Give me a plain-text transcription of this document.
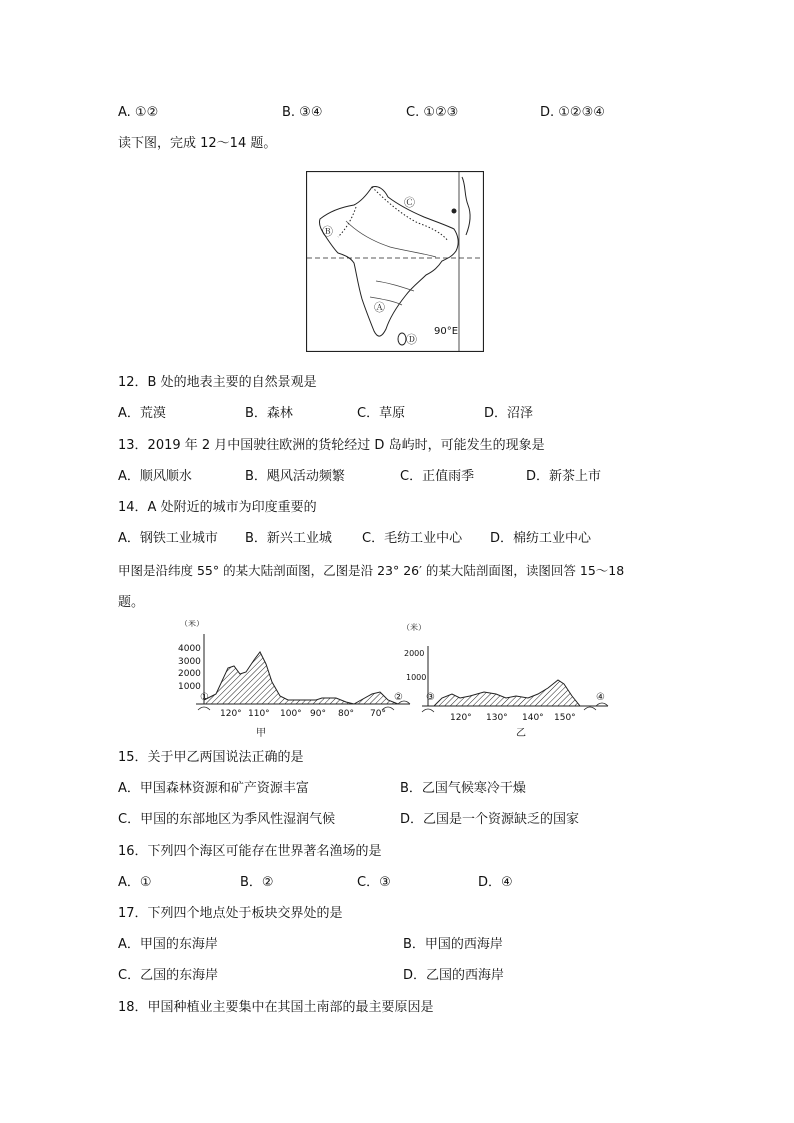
A. ①②	B. ③④	C. ①②③	D. ①②③④
读下图，完成 12～14 题。
Ⓑ
Ⓒ
Ⓐ
Ⓓ
90°E
12．B 处的地表主要的自然景观是
A．荒漠	B．森林	C．草原	D．沼泽
13．2019 年 2 月中国驶往欧洲的货轮经过 D 岛屿时，可能发生的现象是
A．顺风顺水	B．飓风活动频繁	C．正值雨季	D．新茶上市
14．A 处附近的城市为印度重要的
A．钢铁工业城市 B．新兴工业城 C．毛纺工业中心 D．棉纺工业中心
甲图是沿纬度 55° 的某大陆剖面图，乙图是沿 23° 26′ 的某大陆剖面图，读图回答 15～18
题。
（米）
4000
3000
2000
1000
①	②
120° 110° 100° 90° 80° 70°
甲
（米）
2000
1000
③	④
120° 130° 140° 150°
乙
15．关于甲乙两国说法正确的是
A．甲国森林资源和矿产资源丰富	B．乙国气候寒冷干燥
C．甲国的东部地区为季风性湿润气候	D．乙国是一个资源缺乏的国家
16．下列四个海区可能存在世界著名渔场的是
A．①	B．②	C．③	D．④
17．下列四个地点处于板块交界处的是
A．甲国的东海岸	B．甲国的西海岸
C．乙国的东海岸	D．乙国的西海岸
18．甲国种植业主要集中在其国土南部的最主要原因是
